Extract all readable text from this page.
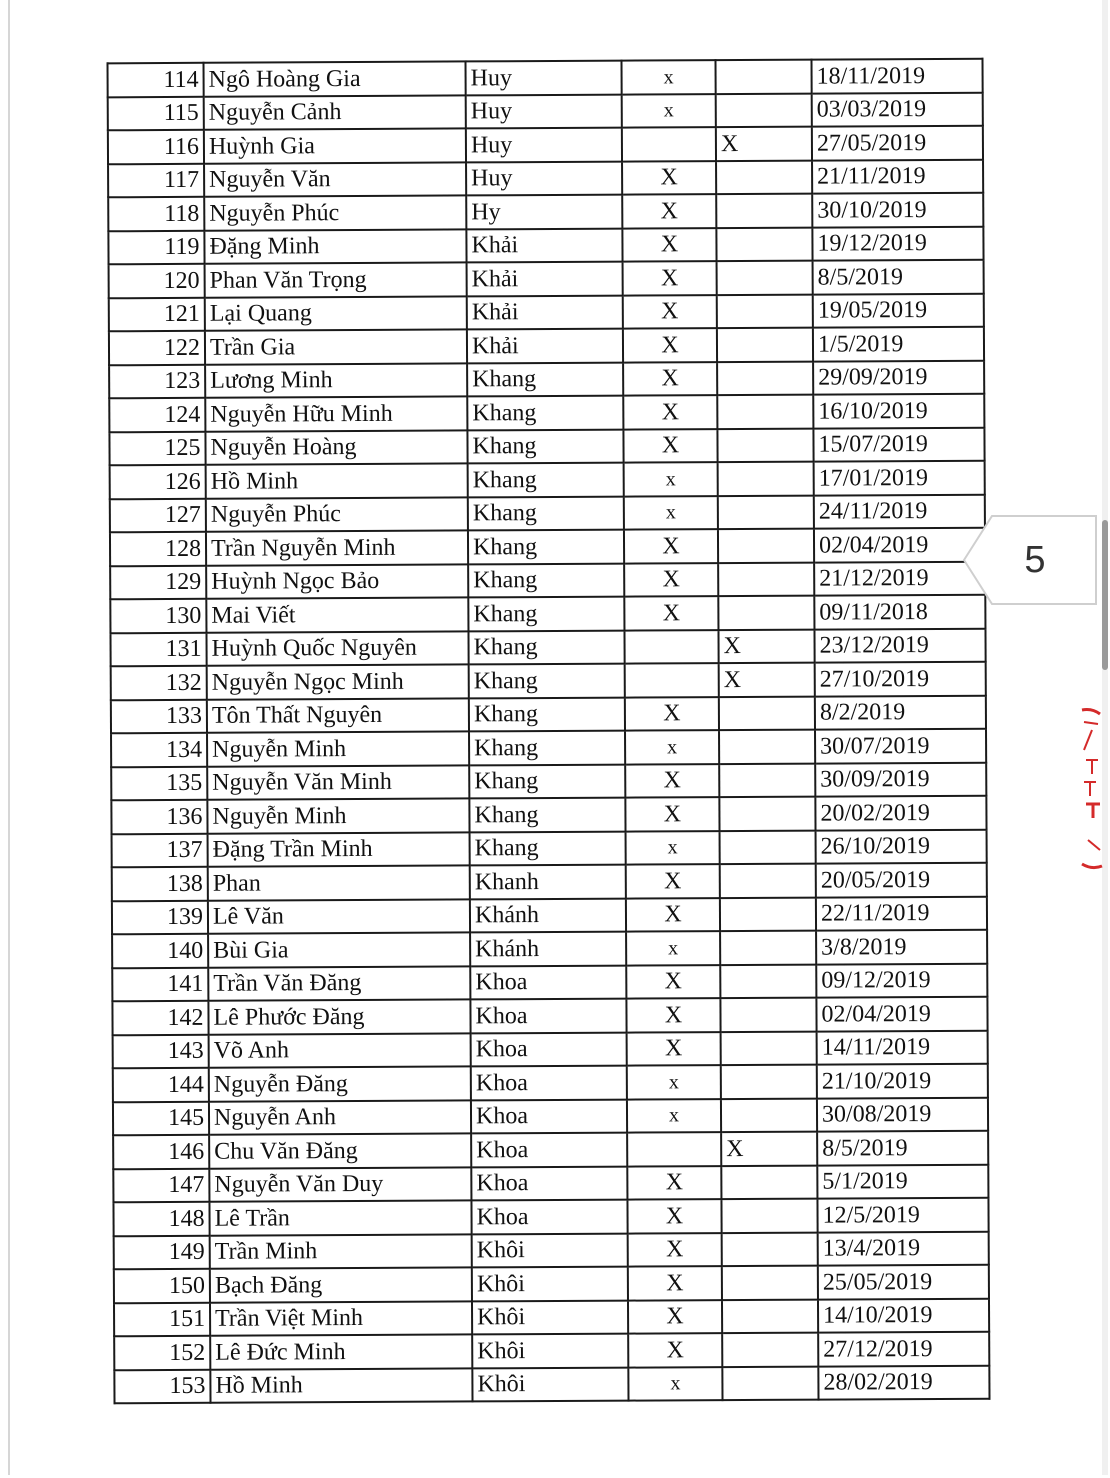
114	Ngô Hoàng Gia	Huy	x		18/11/2019
115	Nguyễn Cảnh	Huy	x		03/03/2019
116	Huỳnh Gia	Huy		X	27/05/2019
117	Nguyễn Văn	Huy	X		21/11/2019
118	Nguyễn Phúc	Hy	X		30/10/2019
119	Đặng Minh	Khải	X		19/12/2019
120	Phan Văn Trọng	Khải	X		8/5/2019
121	Lại Quang	Khải	X		19/05/2019
122	Trần Gia	Khải	X		1/5/2019
123	Lương Minh	Khang	X		29/09/2019
124	Nguyễn Hữu Minh	Khang	X		16/10/2019
125	Nguyễn Hoàng	Khang	X		15/07/2019
126	Hồ Minh	Khang	x		17/01/2019
127	Nguyễn Phúc	Khang	x		24/11/2019
128	Trần Nguyễn Minh	Khang	X		02/04/2019
129	Huỳnh Ngọc Bảo	Khang	X		21/12/2019
130	Mai Viết	Khang	X		09/11/2018
131	Huỳnh Quốc Nguyên	Khang		X	23/12/2019
132	Nguyễn Ngọc Minh	Khang		X	27/10/2019
133	Tôn Thất Nguyên	Khang	X		8/2/2019
134	Nguyễn Minh	Khang	x		30/07/2019
135	Nguyễn Văn Minh	Khang	X		30/09/2019
136	Nguyễn Minh	Khang	X		20/02/2019
137	Đặng Trần Minh	Khang	x		26/10/2019
138	Phan	Khanh	X		20/05/2019
139	Lê Văn	Khánh	X		22/11/2019
140	Bùi Gia	Khánh	x		3/8/2019
141	Trần Văn Đăng	Khoa	X		09/12/2019
142	Lê Phước Đăng	Khoa	X		02/04/2019
143	Võ Anh	Khoa	X		14/11/2019
144	Nguyễn Đăng	Khoa	x		21/10/2019
145	Nguyễn Anh	Khoa	x		30/08/2019
146	Chu Văn Đăng	Khoa		X	8/5/2019
147	Nguyễn Văn Duy	Khoa	X		5/1/2019
148	Lê Trần	Khoa	X		12/5/2019
149	Trần Minh	Khôi	X		13/4/2019
150	Bạch Đăng	Khôi	X		25/05/2019
151	Trần Việt Minh	Khôi	X		14/10/2019
152	Lê Đức Minh	Khôi	X		27/12/2019
153	Hồ Minh	Khôi	x		28/02/2019
5
